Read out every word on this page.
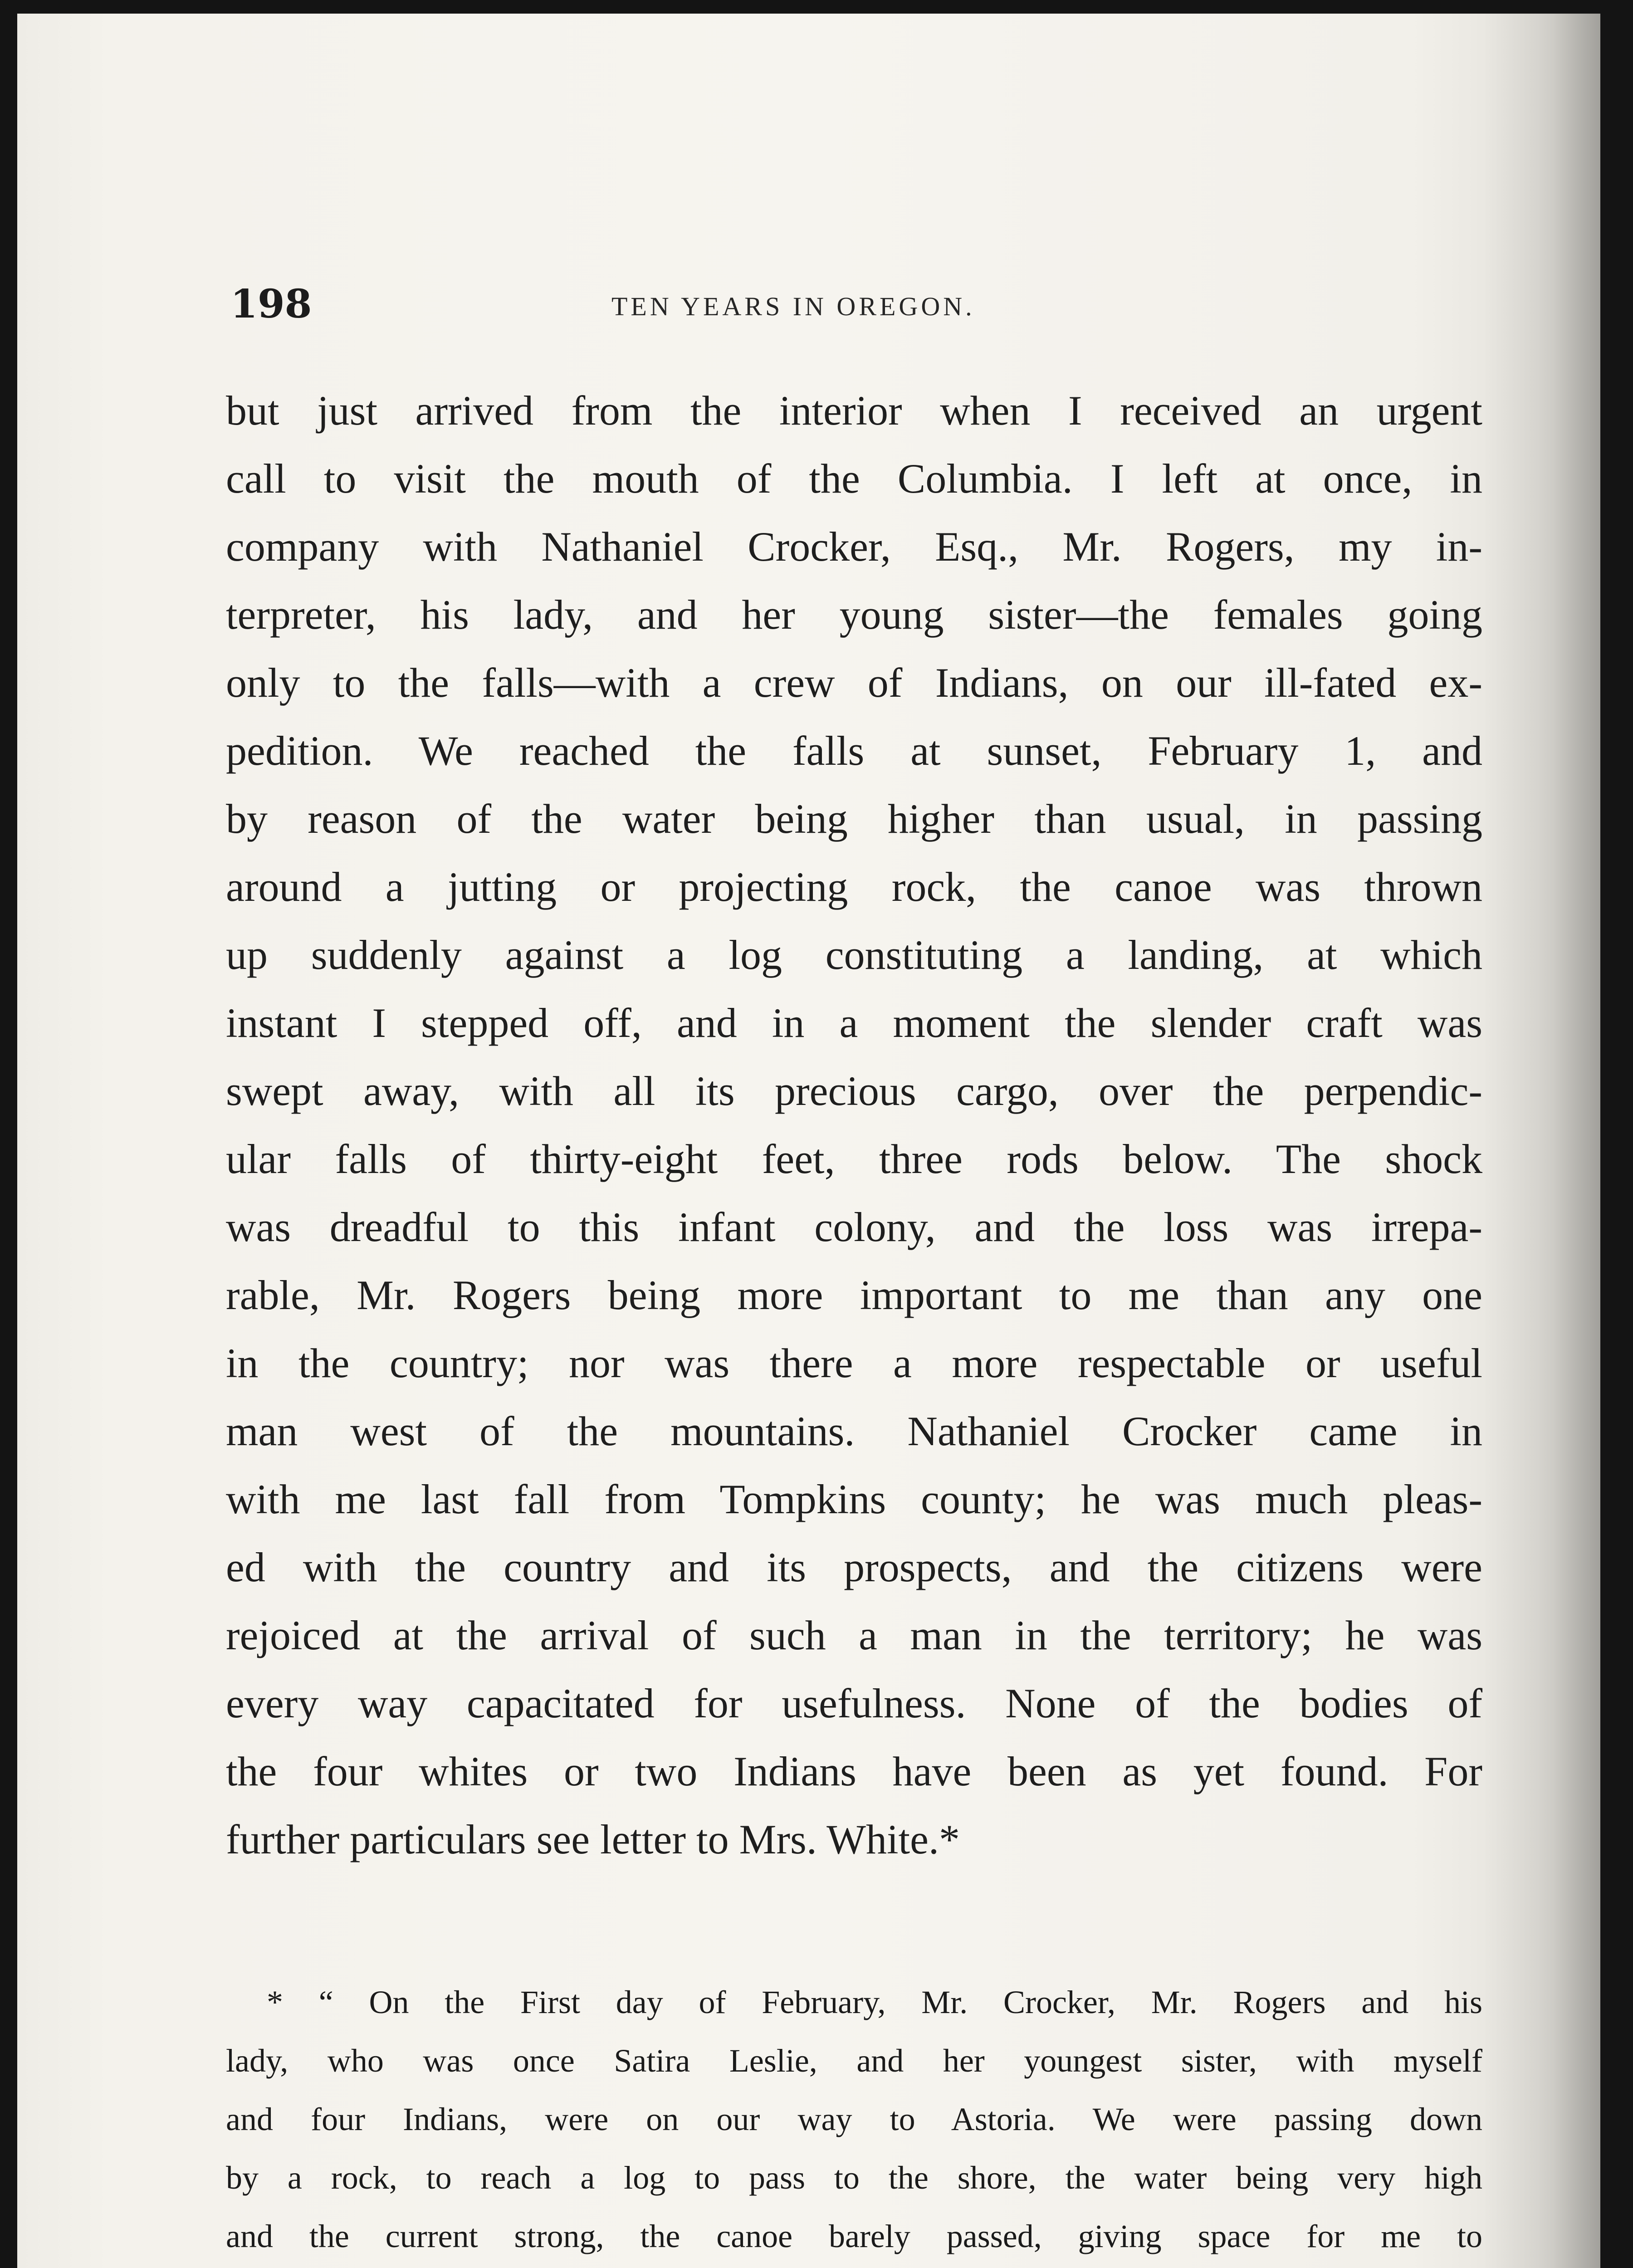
198	TEN YEARS IN OREGON.
but just arrived from the interior when I received an urgent
call to visit the mouth of the Columbia. I left at once, in
company with Nathaniel Crocker, Esq., Mr. Rogers, my in-
terpreter, his lady, and her young sister—the females going
only to the falls—with a crew of Indians, on our ill-fated ex-
pedition. We reached the falls at sunset, February 1, and
by reason of the water being higher than usual, in passing
around a jutting or projecting rock, the canoe was thrown
up suddenly against a log constituting a landing, at which
instant I stepped off, and in a moment the slender craft was
swept away, with all its precious cargo, over the perpendic-
ular falls of thirty-eight feet, three rods below. The shock
was dreadful to this infant colony, and the loss was irrepa-
rable, Mr. Rogers being more important to me than any one
in the country; nor was there a more respectable or useful
man west of the mountains. Nathaniel Crocker came in
with me last fall from Tompkins county; he was much pleas-
ed with the country and its prospects, and the citizens were
rejoiced at the arrival of such a man in the territory; he was
every way capacitated for usefulness. None of the bodies of
the four whites or two Indians have been as yet found. For
further particulars see letter to Mrs. White.*
* “ On the First day of February, Mr. Crocker, Mr. Rogers and his
lady, who was once Satira Leslie, and her youngest sister, with myself
and four Indians, were on our way to Astoria. We were passing down
by a rock, to reach a log to pass to the shore, the water being very high
and the current strong, the canoe barely passed, giving space for me to
